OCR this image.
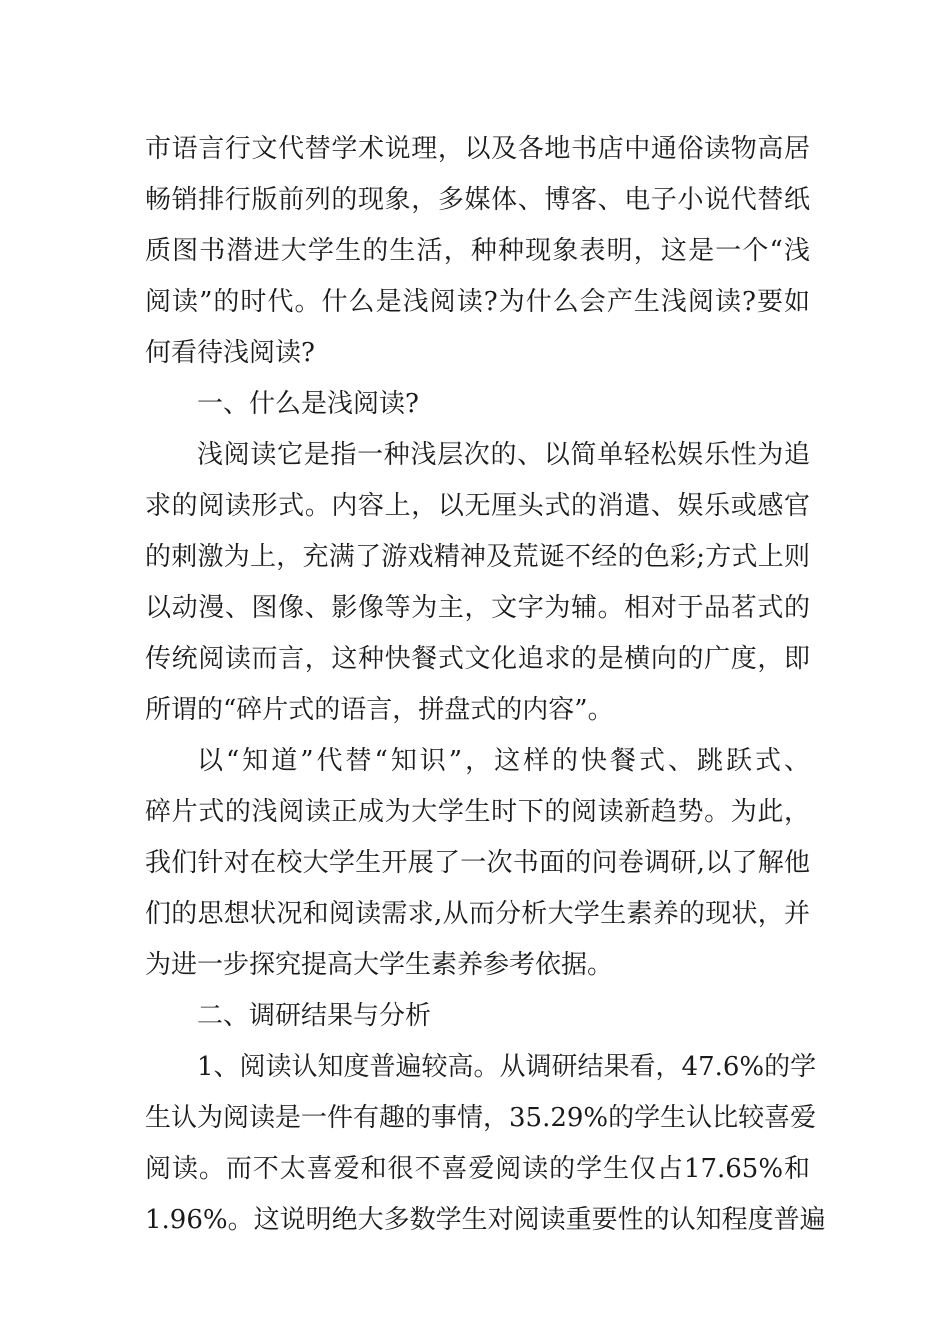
市语言行文代替学术说理，以及各地书店中通俗读物高居
畅销排行版前列的现象，多媒体、博客、电子小说代替纸
质图书潜进大学生的生活，种种现象表明，这是一个“浅
阅读”的时代。什么是浅阅读?为什么会产生浅阅读?要如
何看待浅阅读?
一、什么是浅阅读?
浅阅读它是指一种浅层次的、以简单轻松娱乐性为追
求的阅读形式。内容上，以无厘头式的消遣、娱乐或感官
的刺激为上，充满了游戏精神及荒诞不经的色彩;方式上则
以动漫、图像、影像等为主，文字为辅。相对于品茗式的
传统阅读而言，这种快餐式文化追求的是横向的广度，即
所谓的“碎片式的语言，拼盘式的内容”。
以“知道”代替“知识”，这样的快餐式、跳跃式、
碎片式的浅阅读正成为大学生时下的阅读新趋势。为此，
我们针对在校大学生开展了一次书面的问卷调研,以了解他
们的思想状况和阅读需求,从而分析大学生素养的现状，并
为进一步探究提高大学生素养参考依据。
二、调研结果与分析
1、阅读认知度普遍较高。从调研结果看，47.6%的学
生认为阅读是一件有趣的事情，35.29%的学生认比较喜爱
阅读。而不太喜爱和很不喜爱阅读的学生仅占17.65%和
1.96%。这说明绝大多数学生对阅读重要性的认知程度普遍
